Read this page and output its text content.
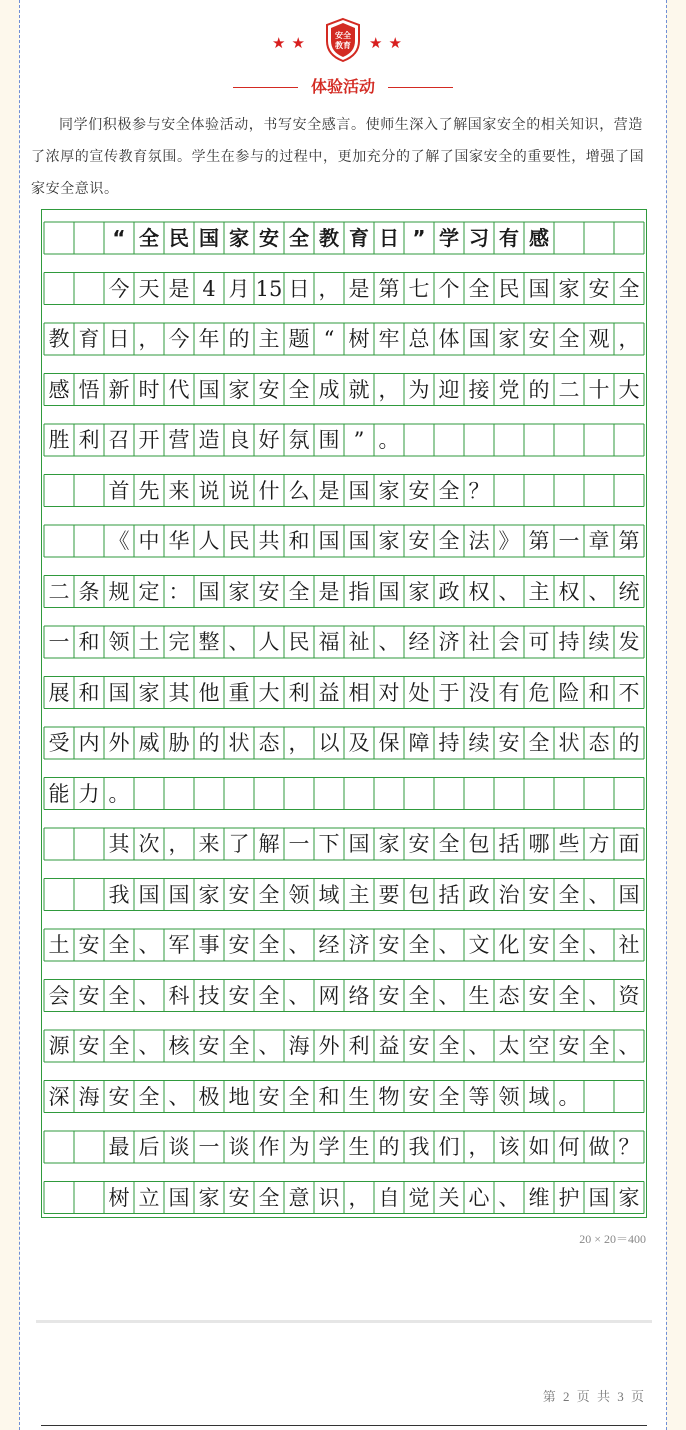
★★	安全
教育 ★★
体验活动

同学们积极参与安全体验活动，书写安全感言。使师生深入了解国家安全的相关知识，营造了浓厚的宣传教育氛围。学生在参与的过程中，更加充分的了解了国家安全的重要性，增强了国家安全意识。

“ 全 民 国 家 安 全 教 育 日 ” 学 习 有 感
今 天 是 4 月 15 日 ， 是 第 七 个 全 民 国 家 安 全
教 育 日 ， 今 年 的 主 题 “ 树 牢 总 体 国 家 安 全 观 ，
感 悟 新 时 代 国 家 安 全 成 就 ， 为 迎 接 党 的 二 十 大
胜 利 召 开 营 造 良 好 氛 围 ” 。
首 先 来 说 说 什 么 是 国 家 安 全 ？
《 中 华 人 民 共 和 国 国 家 安 全 法 》 第 一 章 第
二 条 规 定 ： 国 家 安 全 是 指 国 家 政 权 、 主 权 、 统
一 和 领 土 完 整 、 人 民 福 祉 、 经 济 社 会 可 持 续 发
展 和 国 家 其 他 重 大 利 益 相 对 处 于 没 有 危 险 和 不
受 内 外 威 胁 的 状 态 ， 以 及 保 障 持 续 安 全 状 态 的
能 力 。
其 次 ， 来 了 解 一 下 国 家 安 全 包 括 哪 些 方 面
我 国 国 家 安 全 领 域 主 要 包 括 政 治 安 全 、 国
土 安 全 、 军 事 安 全 、 经 济 安 全 、 文 化 安 全 、 社
会 安 全 、 科 技 安 全 、 网 络 安 全 、 生 态 安 全 、 资
源 安 全 、 核 安 全 、 海 外 利 益 安 全 、 太 空 安 全 、
深 海 安 全 、 极 地 安 全 和 生 物 安 全 等 领 域 。
最 后 谈 一 谈 作 为 学 生 的 我 们 ， 该 如 何 做 ？
树 立 国 家 安 全 意 识 ， 自 觉 关 心 、 维 护 国 家
20 × 20＝400
第 2 页 共 3 页
